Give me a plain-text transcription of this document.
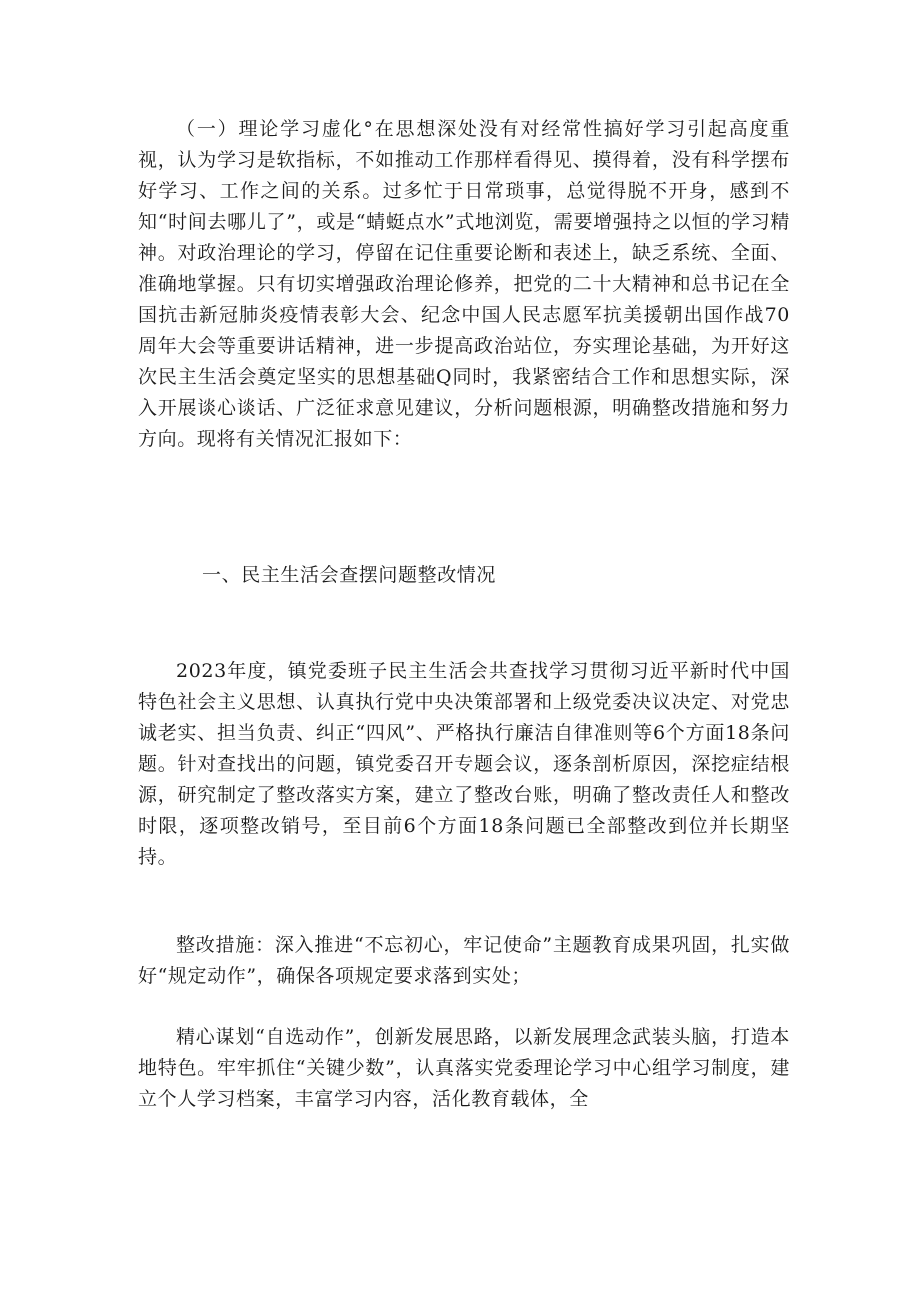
（一）理论学习虚化°在思想深处没有对经常性搞好学习引起高度重视，认为学习是软指标，不如推动工作那样看得见、摸得着，没有科学摆布好学习、工作之间的关系。过多忙于日常琐事，总觉得脱不开身，感到不知“时间去哪儿了”，或是“蜻蜓点水”式地浏览，需要增强持之以恒的学习精神。对政治理论的学习，停留在记住重要论断和表述上，缺乏系统、全面、准确地掌握。只有切实增强政治理论修养，把党的二十大精神和总书记在全国抗击新冠肺炎疫情表彰大会、纪念中国人民志愿军抗美援朝出国作战70周年大会等重要讲话精神，进一步提高政治站位，夯实理论基础，为开好这次民主生活会奠定坚实的思想基础Q同时，我紧密结合工作和思想实际，深入开展谈心谈话、广泛征求意见建议，分析问题根源，明确整改措施和努力方向。现将有关情况汇报如下：

一、民主生活会查摆问题整改情况

2023年度，镇党委班子民主生活会共查找学习贯彻习近平新时代中国特色社会主义思想、认真执行党中央决策部署和上级党委决议决定、对党忠诚老实、担当负责、纠正“四风”、严格执行廉洁自律准则等6个方面18条问题。针对查找出的问题，镇党委召开专题会议，逐条剖析原因，深挖症结根源，研究制定了整改落实方案，建立了整改台账，明确了整改责任人和整改时限，逐项整改销号，至目前6个方面18条问题已全部整改到位并长期坚持。

整改措施：深入推进“不忘初心，牢记使命”主题教育成果巩固，扎实做好“规定动作”，确保各项规定要求落到实处；

精心谋划“自选动作”，创新发展思路，以新发展理念武装头脑，打造本地特色。牢牢抓住“关键少数”，认真落实党委理论学习中心组学习制度，建立个人学习档案，丰富学习内容，活化教育载体，全
